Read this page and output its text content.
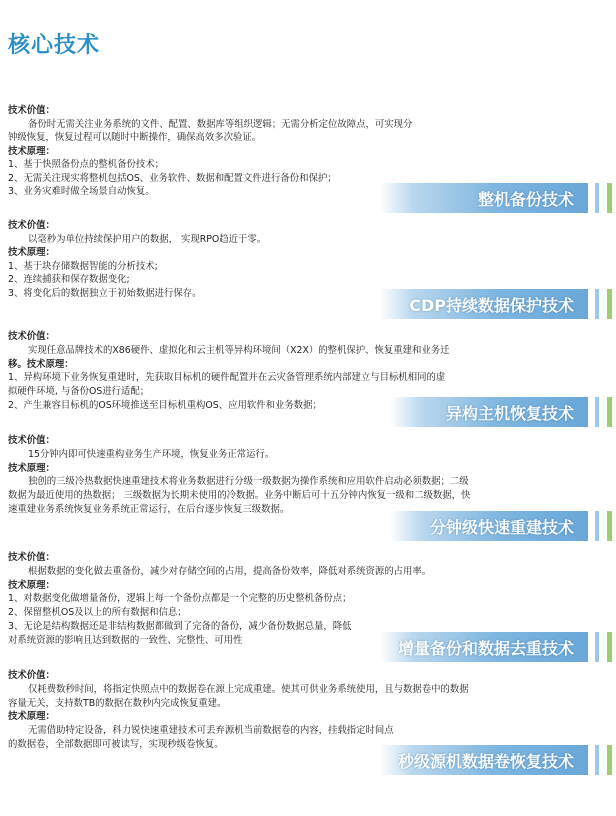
核心技术
技术价值：
备份时无需关注业务系统的文件、配置、数据库等组织逻辑；无需分析定位故障点，可实现分
钟级恢复，恢复过程可以随时中断操作，确保高效多次验证。
技术原理：
1、基于快照备份点的整机备份技术；
2、无需关注现实将整机包括OS、业务软件、数据和配置文件进行备份和保护；
3、业务灾难时做全场景自动恢复。	整机备份技术
技术价值：
以毫秒为单位持续保护用户的数据， 实现RPO趋近于零。
技术原理：
1、基于块存储数据智能的分析技术;
2、连续捕获和保存数据变化;
3、将变化后的数据独立于初始数据进行保存。
CDP持续数据保护技术
技术价值：
实现任意品牌技术的X86硬件、虚拟化和云主机等异构环境间（X2X）的整机保护、恢复重建和业务迁
移。技术原理：
1、异构环境下业务恢复重建时，先获取目标机的硬件配置并在云灾备管理系统内部建立与目标机相同的虚
拟硬件环境, 与备份OS进行适配；
2、产生兼容目标机的OS环境推送至目标机重构OS、应用软件和业务数据；	异构主机恢复技术
技术价值：
15分钟内即可快速重构业务生产环境，恢复业务正常运行。
技术原理：
独创的三级冷热数据快速重建技术将业务数据进行分级一级数据为操作系统和应用软件启动必须数据；二级
数据为最近使用的热数据； 三级数据为长期未使用的冷数据。业务中断后可十五分钟内恢复一级和二级数据，快
速重建业务系统恢复业务系统正常运行，在后台逐步恢复三级数据。
分钟级快速重建技术
技术价值：
根据数据的变化做去重备份，减少对存储空间的占用，提高备份效率，降低对系统资源的占用率。
技术原理：
1、对数据变化做增量备份，逻辑上每一个备份点都是一个完整的历史整机备份点；
2、保留整机OS及以上的所有数据和信息；
3、无论是结构数据还是非结构数据都做到了完备的备份，减少备份数据总量，降低
对系统资源的影响且达到数据的一致性、完整性、可用性	增量备份和数据去重技术
技术价值：
仅耗费数秒时间，将指定快照点中的数据卷在源上完成重建。使其可供业务系统使用，且与数据卷中的数据
容量无关，支持数TB的数据在数秒内完成恢复重建。
技术原理：
无需借助特定设备，科力锐快速重建技术可丢弃源机当前数据卷的内容，挂载指定时间点
的数据卷，全部数据即可被读写，实现秒级卷恢复。
秒级源机数据卷恢复技术
